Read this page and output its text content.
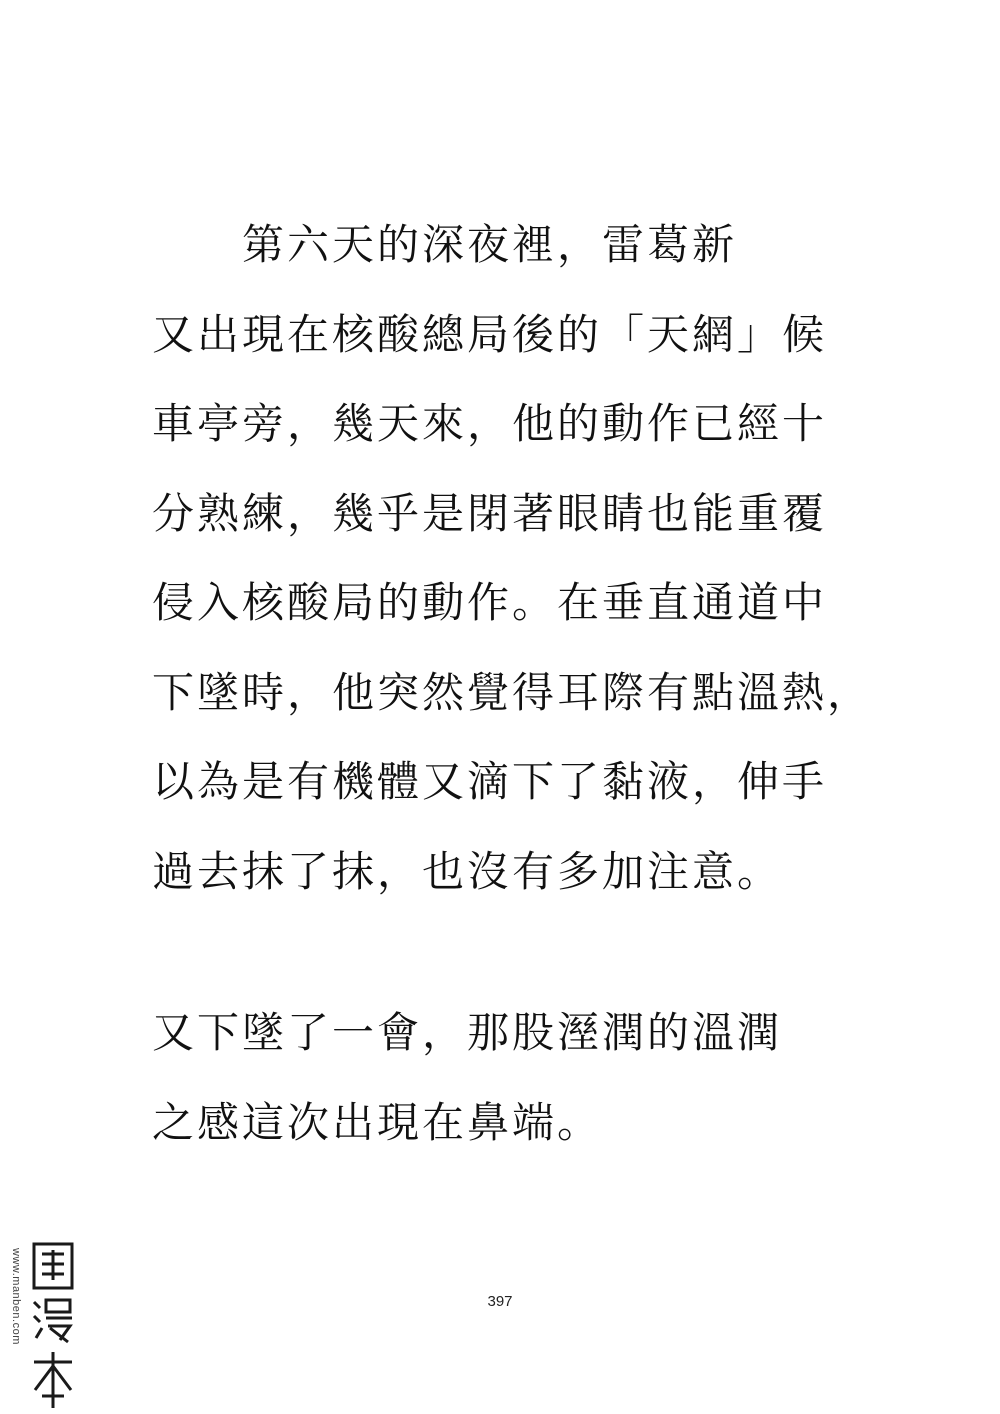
　　第六天的深夜裡，雷葛新
又出現在核酸總局後的「天網」候
車亭旁，幾天來，他的動作已經十
分熟練，幾乎是閉著眼睛也能重覆
侵入核酸局的動作。在垂直通道中
下墜時，他突然覺得耳際有點溫熱，
以為是有機體又滴下了黏液，伸手
過去抹了抹，也沒有多加注意。

又下墜了一會，那股溼潤的溫潤
之感這次出現在鼻端。

397
www.manben.com
